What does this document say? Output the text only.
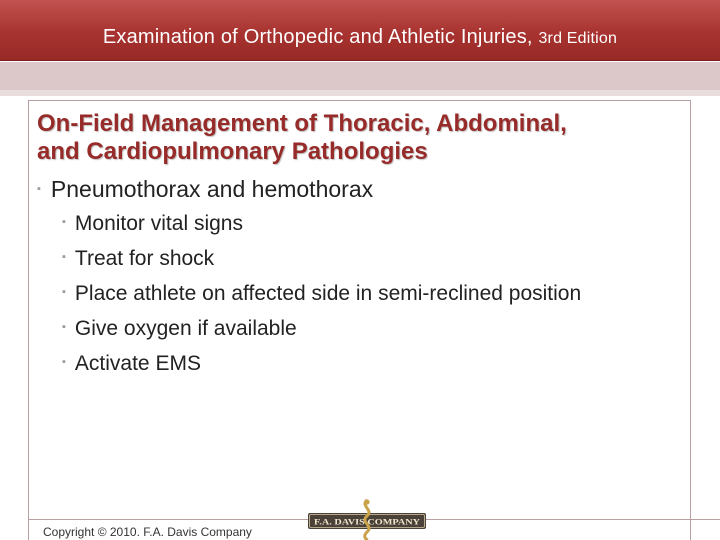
Examination of Orthopedic and Athletic Injuries, 3rd Edition
On-Field Management of Thoracic, Abdominal,
and Cardiopulmonary Pathologies
▪ Pneumothorax and hemothorax
▪ Monitor vital signs
▪ Treat for shock
▪ Place athlete on affected side in semi-reclined position
▪ Give oxygen if available
▪ Activate EMS
Copyright © 2010. F.A. Davis Company
F.A. DAVIS COMPANY
